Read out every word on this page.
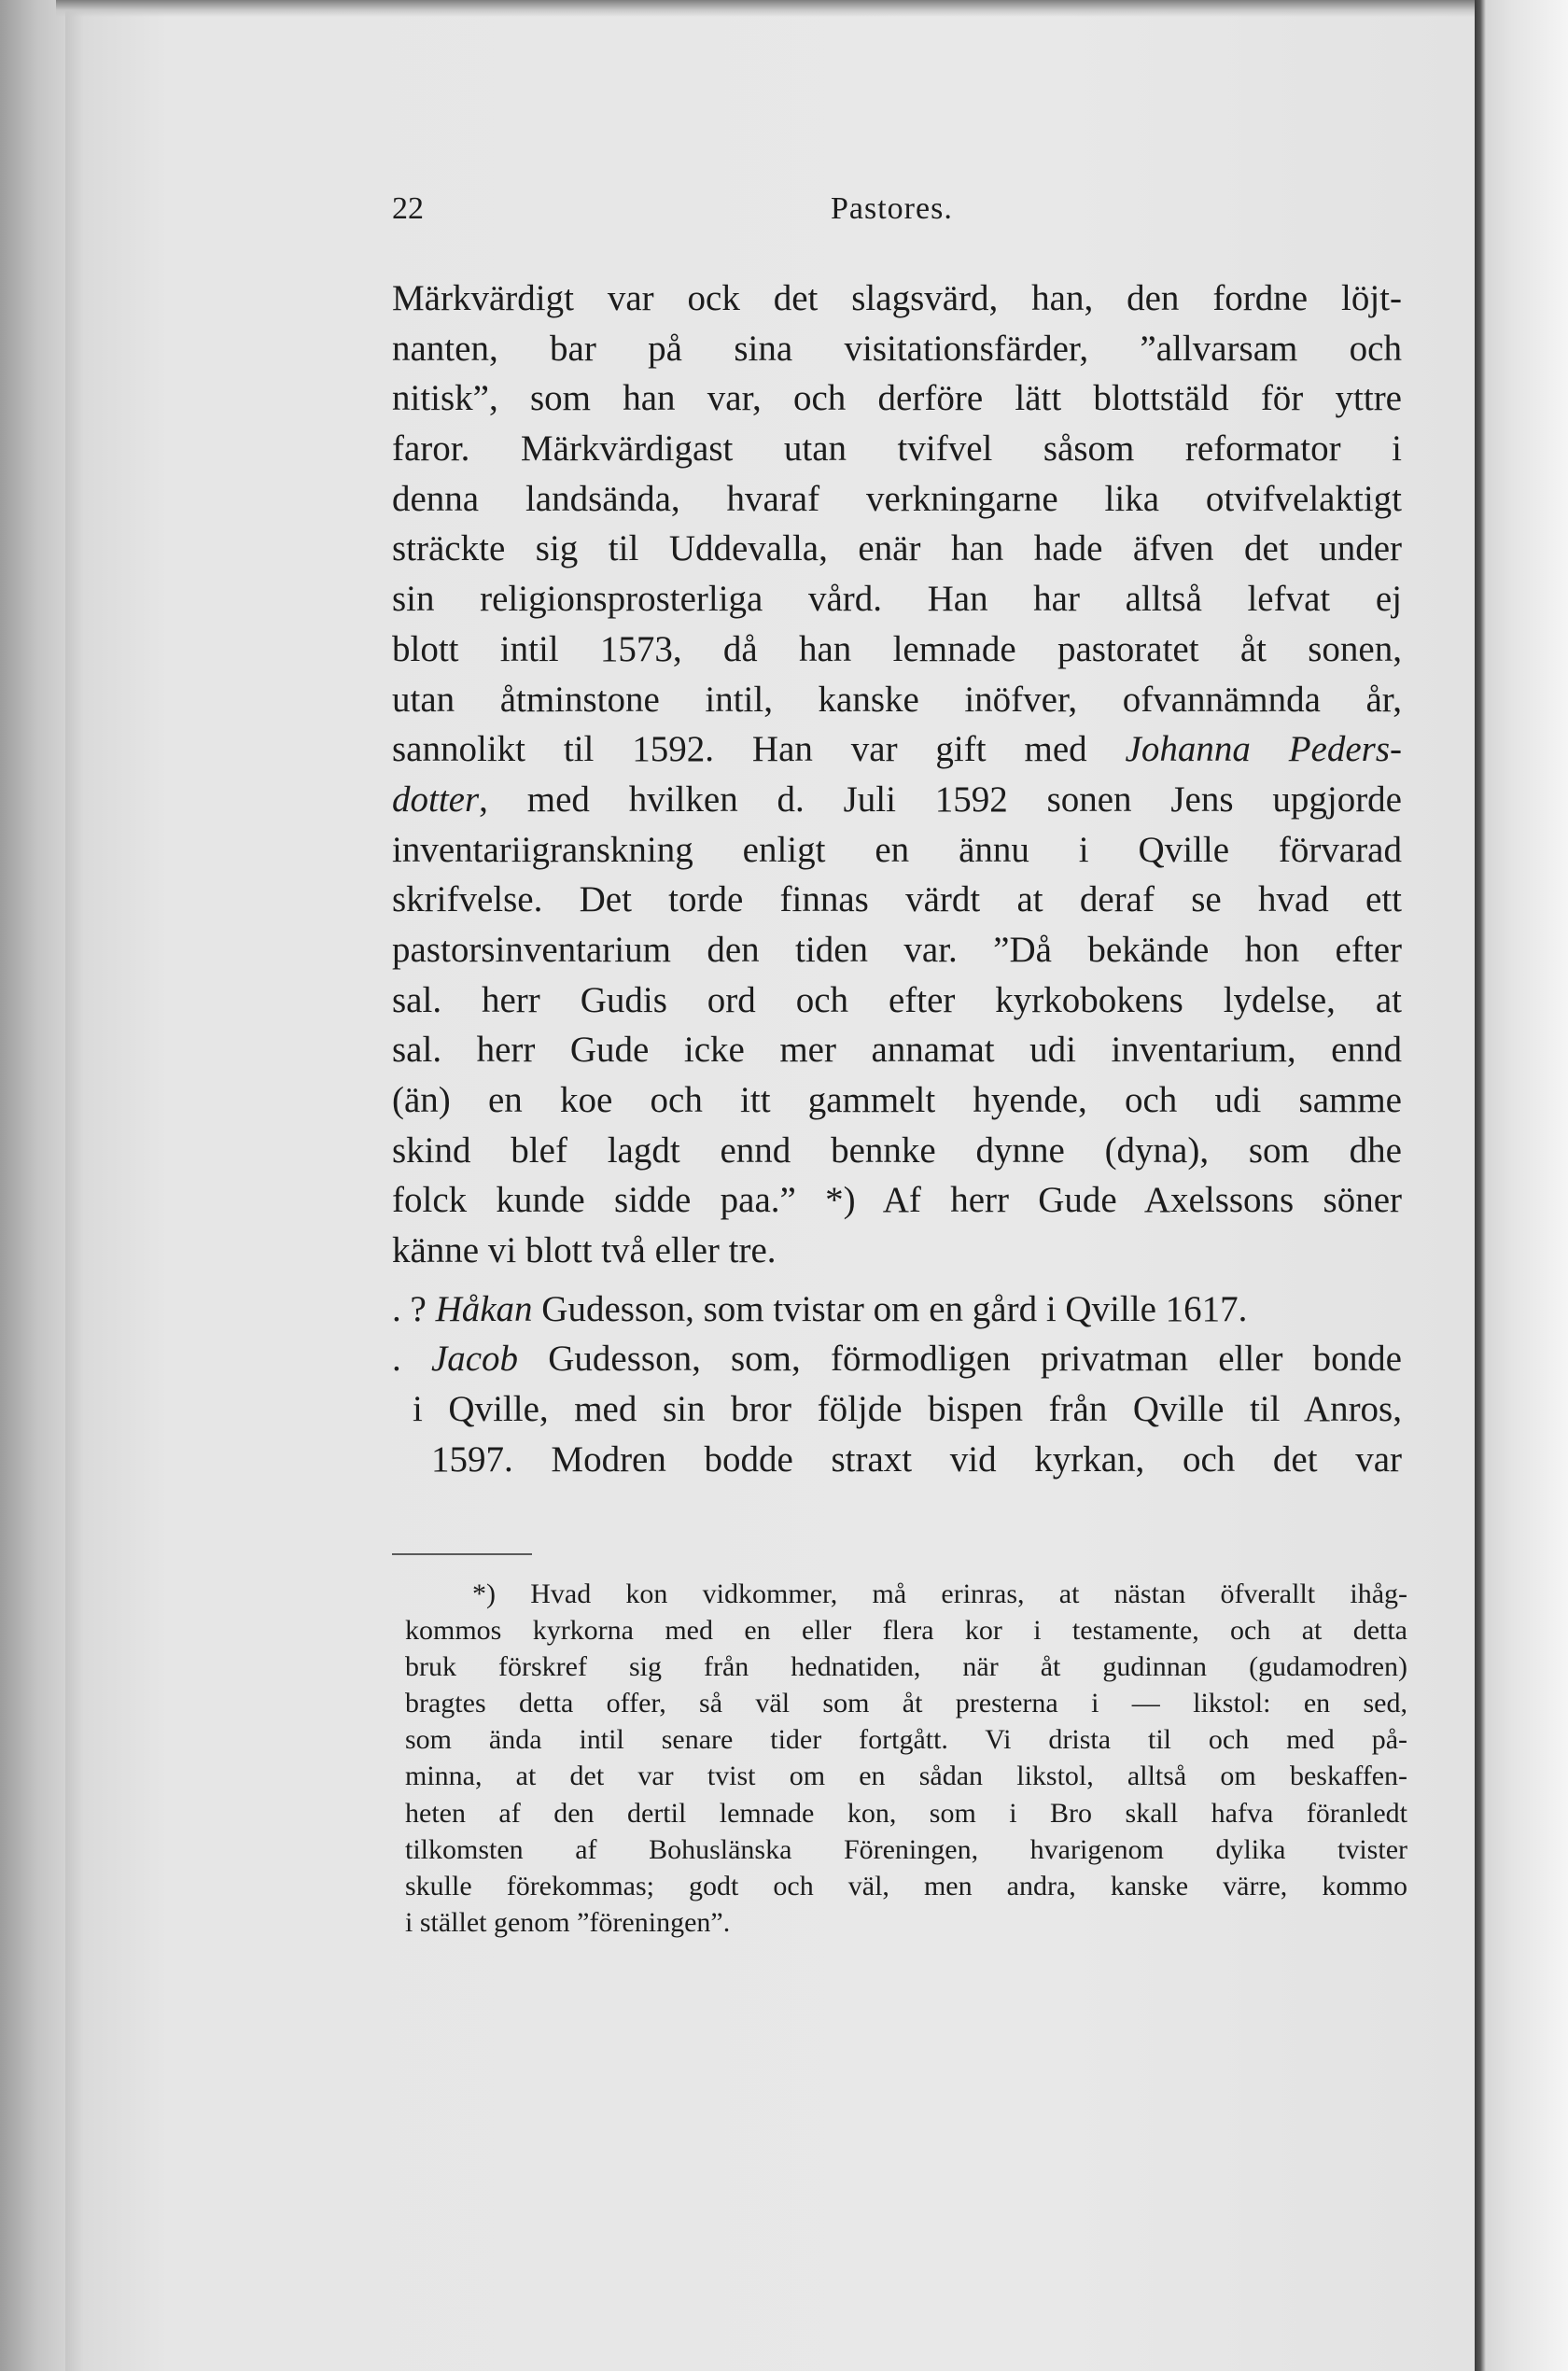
22	Pastores.
Märkvärdigt var ock det slagsvärd, han, den fordne löjt-
nanten, bar på sina visitationsfärder, ”allvarsam och
nitisk”, som han var, och derföre lätt blottstäld för yttre
faror. Märkvärdigast utan tvifvel såsom reformator i
denna landsända, hvaraf verkningarne lika otvifvelaktigt
sträckte sig til Uddevalla, enär han hade äfven det under
sin religionsprosterliga vård. Han har alltså lefvat ej
blott intil 1573, då han lemnade pastoratet åt sonen,
utan åtminstone intil, kanske inöfver, ofvannämnda år,
sannolikt til 1592. Han var gift med Johanna Peders-
dotter, med hvilken d. Juli 1592 sonen Jens upgjorde
inventariigranskning enligt en ännu i Qville förvarad
skrifvelse. Det torde finnas värdt at deraf se hvad ett
pastorsinventarium den tiden var. ”Då bekände hon efter
sal. herr Gudis ord och efter kyrkobokens lydelse, at
sal. herr Gude icke mer annamat udi inventarium, ennd
(än) en koe och itt gammelt hyende, och udi samme
skind blef lagdt ennd bennke dynne (dyna), som dhe
folck kunde sidde paa.” *) Af herr Gude Axelssons söner
känne vi blott två eller tre.
. ? Håkan Gudesson, som tvistar om en gård i Qville 1617.
. Jacob Gudesson, som, förmodligen privatman eller bonde
i Qville, med sin bror följde bispen från Qville til Anros,
1597. Modren bodde straxt vid kyrkan, och det var
*) Hvad kon vidkommer, må erinras, at nästan öfverallt ihåg-
kommos kyrkorna med en eller flera kor i testamente, och at detta
bruk förskref sig från hednatiden, när åt gudinnan (gudamodren)
bragtes detta offer, så väl som åt presterna i — likstol: en sed,
som ända intil senare tider fortgått. Vi drista til och med på-
minna, at det var tvist om en sådan likstol, alltså om beskaffen-
heten af den dertil lemnade kon, som i Bro skall hafva föranledt
tilkomsten af Bohuslänska Föreningen, hvarigenom dylika tvister
skulle förekommas; godt och väl, men andra, kanske värre, kommo
i stället genom ”föreningen”.
